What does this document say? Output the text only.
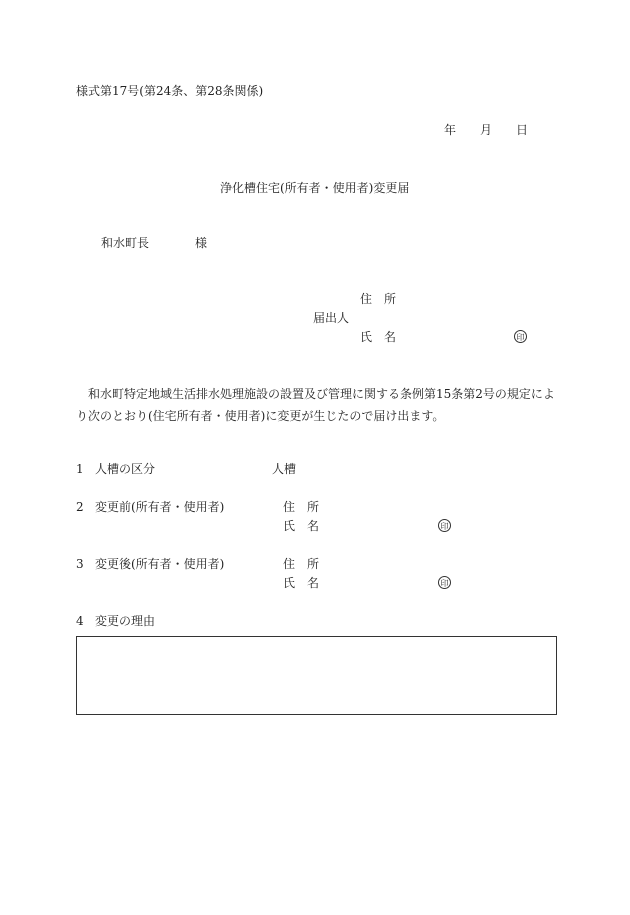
様式第17号(第24条、第28条関係)
年 月 日
浄化槽住宅(所有者・使用者)変更届
和水町長	様
住　所
届出人
氏　名	印
　和水町特定地域生活排水処理施設の設置及び管理に関する条例第15条第2号の規定により次のとおり(住宅所有者・使用者)に変更が生じたので届け出ます。
1 人槽の区分	人槽
2 変更前(所有者・使用者)	住　所
氏　名	印
3 変更後(所有者・使用者)	住　所
氏　名	印
4 変更の理由
